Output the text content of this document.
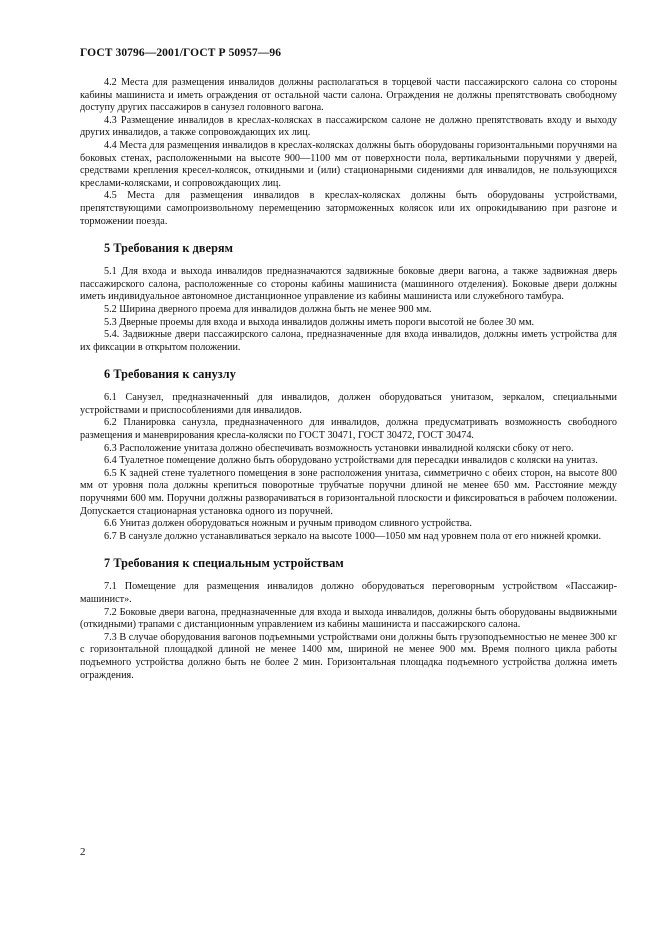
ГОСТ 30796—2001/ГОСТ Р 50957—96

4.2 Места для размещения инвалидов должны располагаться в торцевой части пассажирского салона со стороны кабины машиниста и иметь ограждения от остальной части салона. Ограждения не должны препятствовать свободному доступу других пассажиров в санузел головного вагона.

4.3 Размещение инвалидов в креслах-колясках в пассажирском салоне не должно препятствовать входу и выходу других инвалидов, а также сопровождающих их лиц.

4.4 Места для размещения инвалидов в креслах-колясках должны быть оборудованы горизонтальными поручнями на боковых стенах, расположенными на высоте 900—1100 мм от поверхности пола, вертикальными поручнями у дверей, средствами крепления кресел-колясок, откидными и (или) стационарными сидениями для инвалидов, не пользующихся креслами-колясками, и сопровождающих лиц.

4.5 Места для размещения инвалидов в креслах-колясках должны быть оборудованы устройствами, препятствующими самопроизвольному перемещению заторможенных колясок или их опрокидыванию при разгоне и торможении поезда.

5 Требования к дверям

5.1 Для входа и выхода инвалидов предназначаются задвижные боковые двери вагона, а также задвижная дверь пассажирского салона, расположенные со стороны кабины машиниста (машинного отделения). Боковые двери должны иметь индивидуальное автономное дистанционное управление из кабины машиниста или служебного тамбура.

5.2 Ширина дверного проема для инвалидов должна быть не менее 900 мм.

5.3 Дверные проемы для входа и выхода инвалидов должны иметь пороги высотой не более 30 мм.

5.4. Задвижные двери пассажирского салона, предназначенные для входа инвалидов, должны иметь устройства для их фиксации в открытом положении.

6 Требования к санузлу

6.1 Санузел, предназначенный для инвалидов, должен оборудоваться унитазом, зеркалом, специальными устройствами и приспособлениями для инвалидов.

6.2 Планировка санузла, предназначенного для инвалидов, должна предусматривать возможность свободного размещения и маневрирования кресла-коляски по ГОСТ 30471, ГОСТ 30472, ГОСТ 30474.

6.3 Расположение унитаза должно обеспечивать возможность установки инвалидной коляски сбоку от него.

6.4 Туалетное помещение должно быть оборудовано устройствами для пересадки инвалидов с коляски на унитаз.

6.5 К задней стене туалетного помещения в зоне расположения унитаза, симметрично с обеих сторон, на высоте 800 мм от уровня пола должны крепиться поворотные трубчатые поручни длиной не менее 650 мм. Расстояние между поручнями 600 мм. Поручни должны разворачиваться в горизонтальной плоскости и фиксироваться в рабочем положении. Допускается стационарная установка одного из поручней.

6.6 Унитаз должен оборудоваться ножным и ручным приводом сливного устройства.

6.7 В санузле должно устанавливаться зеркало на высоте 1000—1050 мм над уровнем пола от его нижней кромки.

7 Требования к специальным устройствам

7.1 Помещение для размещения инвалидов должно оборудоваться переговорным устройством «Пассажир-машинист».

7.2 Боковые двери вагона, предназначенные для входа и выхода инвалидов, должны быть оборудованы выдвижными (откидными) трапами с дистанционным управлением из кабины машиниста и пассажирского салона.

7.3 В случае оборудования вагонов подъемными устройствами они должны быть грузоподъемностью не менее 300 кг с горизонтальной площадкой длиной не менее 1400 мм, шириной не менее 900 мм. Время полного цикла работы подъемного устройства должно быть не более 2 мин. Горизонтальная площадка подъемного устройства должна иметь ограждения.

2
